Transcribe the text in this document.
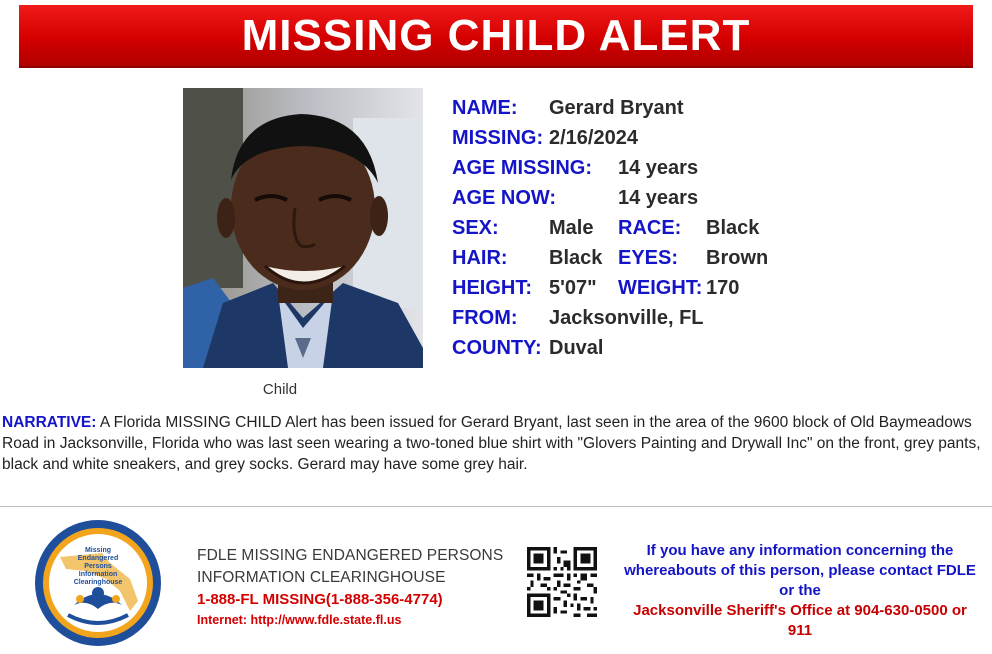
MISSING CHILD ALERT
Child
NAME: Gerard Bryant
MISSING: 2/16/2024
AGE MISSING: 14 years
AGE NOW:	14 years
SEX:	Male RACE: Black
HAIR: Black EYES: Brown
HEIGHT: 5'07" WEIGHT: 170
FROM: Jacksonville, FL
COUNTY: Duval
NARRATIVE: A Florida MISSING CHILD Alert has been issued for Gerard Bryant, last seen in the area of the 9600 block of Old Baymeadows Road in Jacksonville, Florida who was last seen wearing a two-toned blue shirt with "Glovers Painting and Drywall Inc" on the front, grey pants, black and white sneakers, and grey socks. Gerard may have some grey hair.
Missing
Endangered
Persons
Information
Clearinghouse
FDLE MISSING ENDANGERED PERSONS
INFORMATION CLEARINGHOUSE
1-888-FL MISSING(1-888-356-4774)
Internet: http://www.fdle.state.fl.us
If you have any information concerning the
whereabouts of this person, please contact FDLE
or the
Jacksonville Sheriff's Office at 904-630-0500 or
911
